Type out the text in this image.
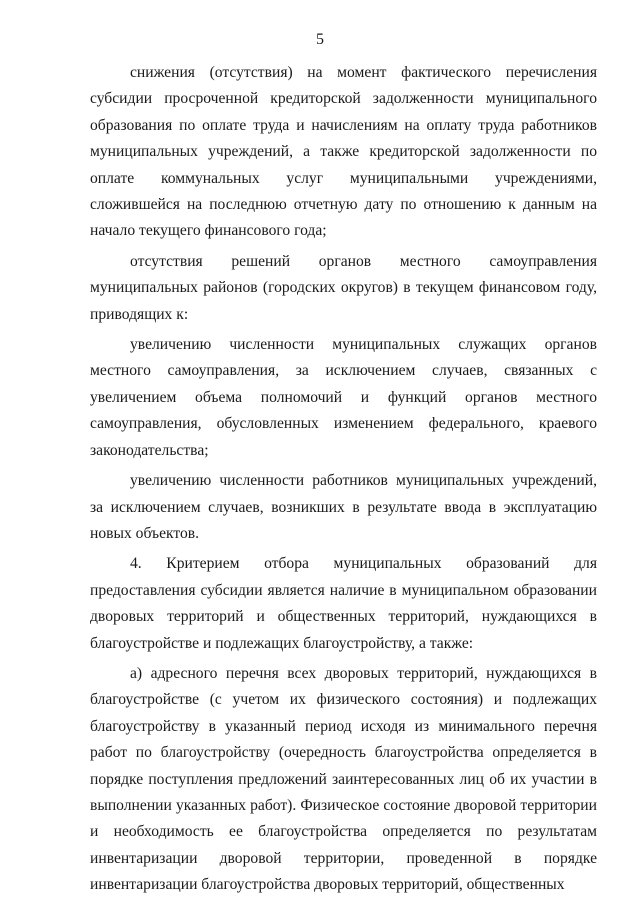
5

снижения (отсутствия) на момент фактического перечисления субсидии просроченной кредиторской задолженности муниципального образования по оплате труда и начислениям на оплату труда работников муниципальных учреждений, а также кредиторской задолженности по оплате коммунальных услуг муниципальными учреждениями, сложившейся на последнюю отчетную дату по отношению к данным на начало текущего финансового года;

отсутствия решений органов местного самоуправления муниципальных районов (городских округов) в текущем финансовом году, приводящих к:

увеличению численности муниципальных служащих органов местного самоуправления, за исключением случаев, связанных с увеличением объема полномочий и функций органов местного самоуправления, обусловленных изменением федерального, краевого законодательства;

увеличению численности работников муниципальных учреждений, за исключением случаев, возникших в результате ввода в эксплуатацию новых объектов.

4. Критерием отбора муниципальных образований для предоставления субсидии является наличие в муниципальном образовании дворовых территорий и общественных территорий, нуждающихся в благоустройстве и подлежащих благоустройству, а также:

а) адресного перечня всех дворовых территорий, нуждающихся в благоустройстве (с учетом их физического состояния) и подлежащих благоустройству в указанный период исходя из минимального перечня работ по благоустройству (очередность благоустройства определяется в порядке поступления предложений заинтересованных лиц об их участии в выполнении указанных работ). Физическое состояние дворовой территории и необходимость ее благоустройства определяется по результатам инвентаризации дворовой территории, проведенной в порядке инвентаризации благоустройства дворовых территорий, общественных
